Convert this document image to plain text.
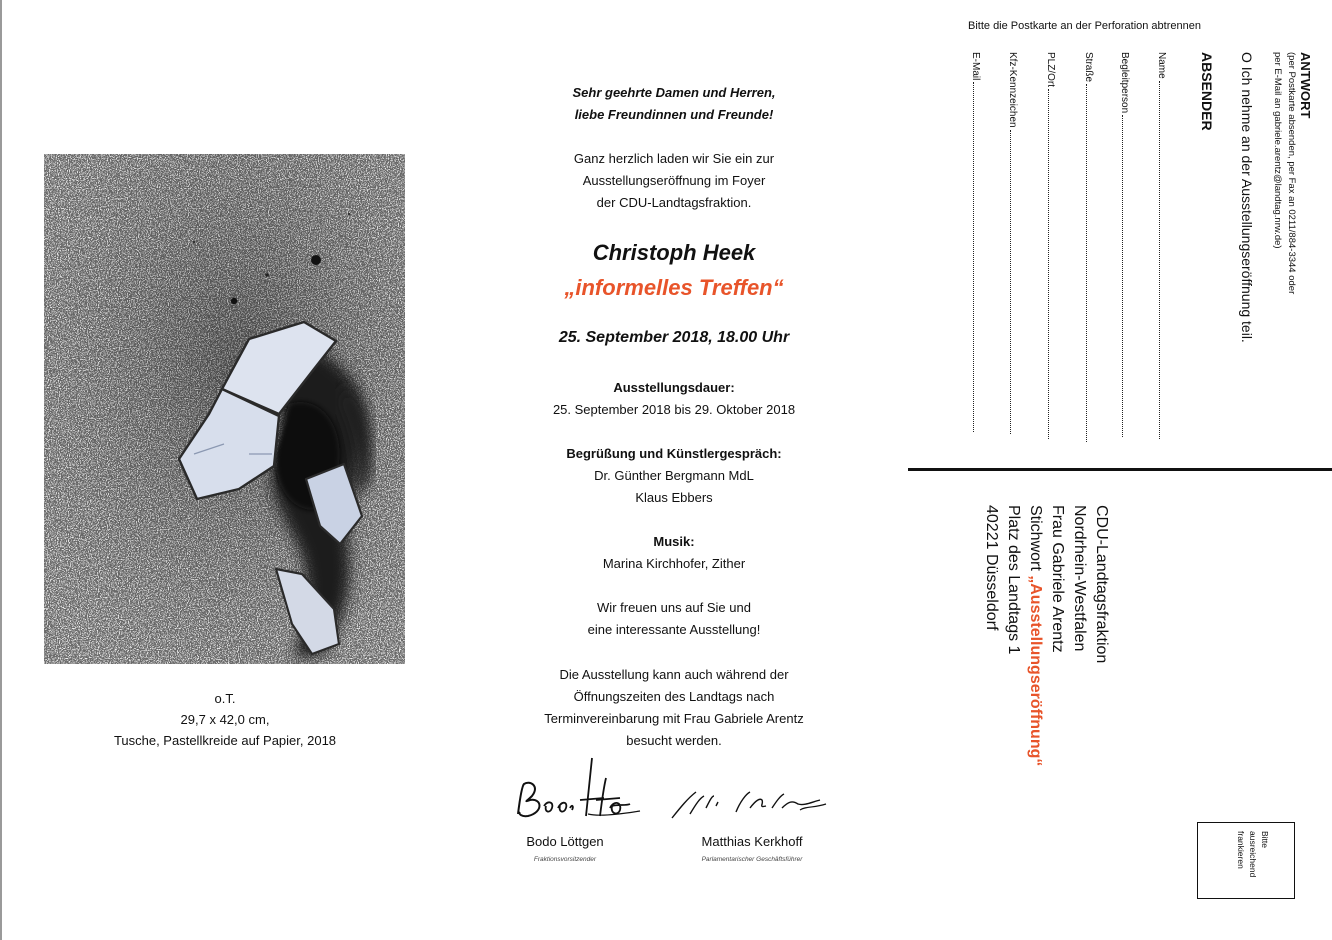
o.T.
29,7 x 42,0 cm,
Tusche, Pastellkreide auf Papier, 2018
Sehr geehrte Damen und Herren,
liebe Freundinnen und Freunde!
Ganz herzlich laden wir Sie ein zur
Ausstellungseröffnung im Foyer
der CDU-Landtagsfraktion.
Christoph Heek
„informelles Treffen“
25. September 2018, 18.00 Uhr
Ausstellungsdauer:
25. September 2018 bis 29. Oktober 2018
Begrüßung und Künstlergespräch:
Dr. Günther Bergmann MdL
Klaus Ebbers
Musik:
Marina Kirchhofer, Zither
Wir freuen uns auf Sie und
eine interessante Ausstellung!
Die Ausstellung kann auch während der
Öffnungszeiten des Landtags nach
Terminvereinbarung mit Frau Gabriele Arentz
besucht werden.
Bodo Löttgen
Fraktionsvorsitzender
Matthias Kerkhoff
Parlamentarischer Geschäftsführer
Bitte die Postkarte an der Perforation abtrennen
ANTWORT
(per Postkarte absenden, per Fax an 0211/884-3344 oder
per E-Mail an gabriele.arentz@landtag.nrw.de)
O Ich nehme an der Ausstellungseröffnung teil.
ABSENDER
Name
Begleitperson
Straße
PLZ/Ort
Kfz-Kennzeichen
E-Mail
CDU-Landtagsfraktion
Nordrhein-Westfalen
Frau Gabriele Arentz
Stichwort „Ausstellungseröffnung“
Platz des Landtags 1
40221 Düsseldorf
Bitte
ausreichend
frankieren
